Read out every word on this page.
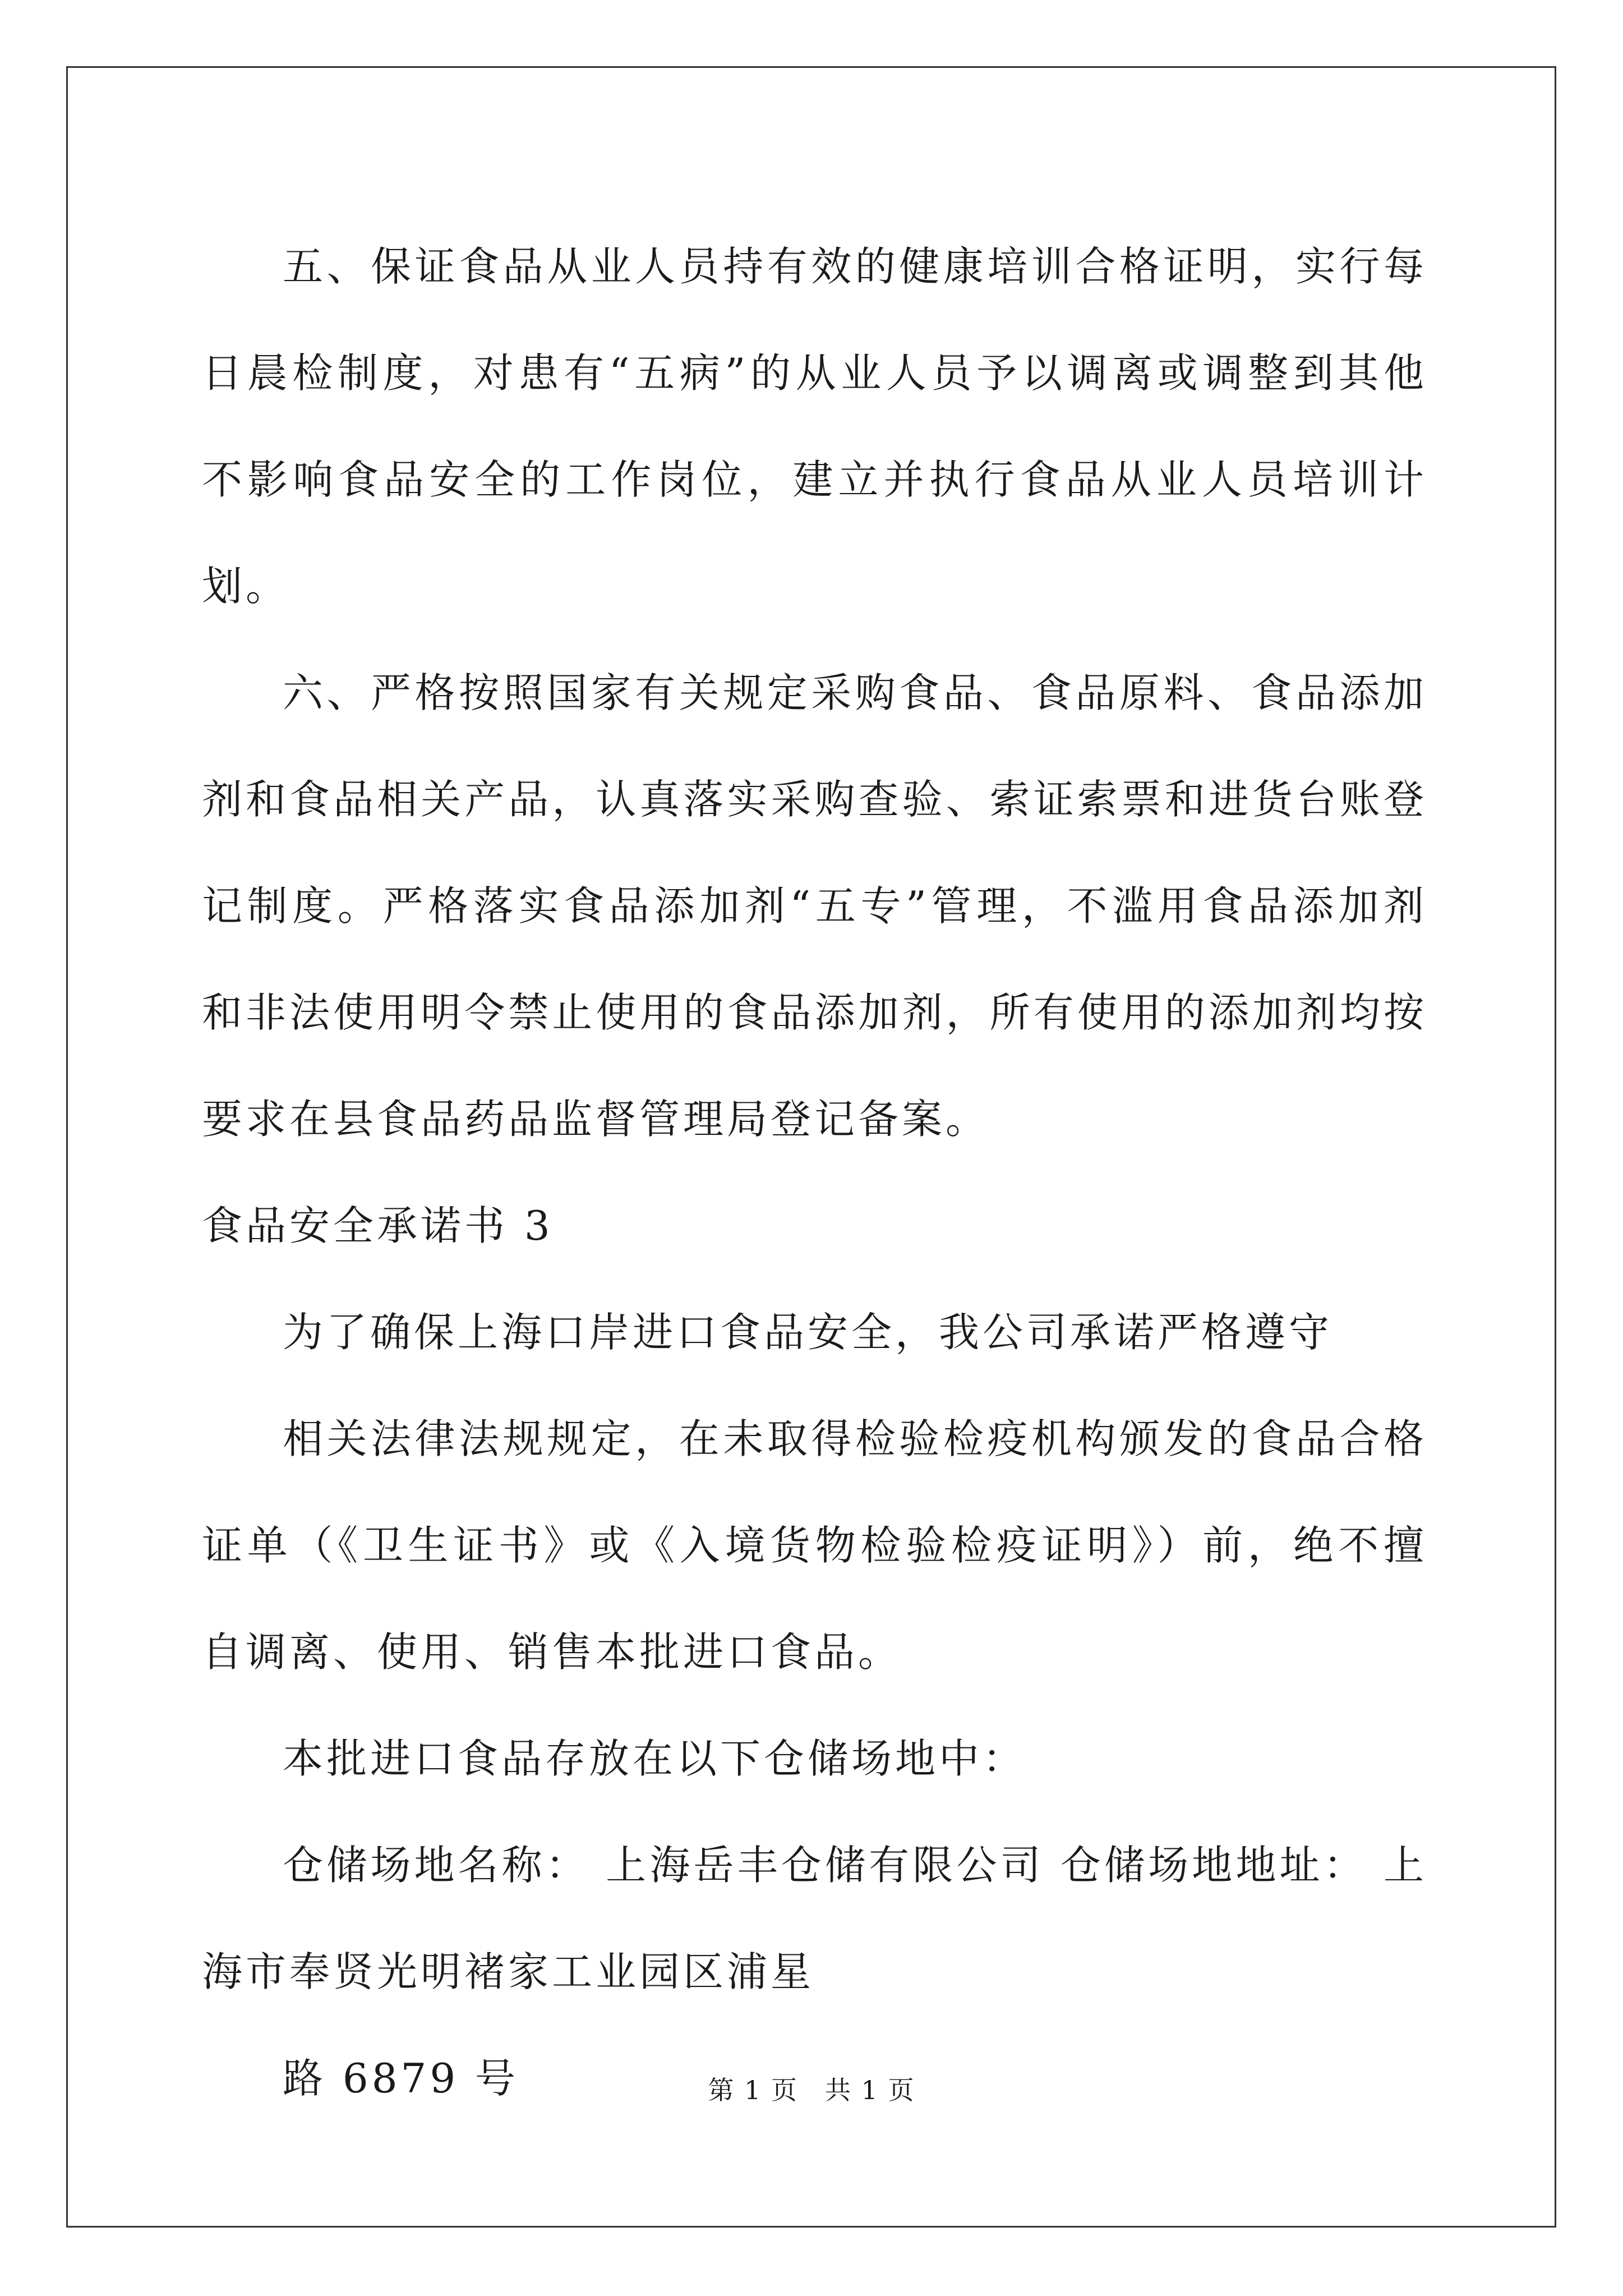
五、保证食品从业人员持有效的健康培训合格证明，实行每日晨检制度，对患有“五病”的从业人员予以调离或调整到其他不影响食品安全的工作岗位，建立并执行食品从业人员培训计划。

六、严格按照国家有关规定采购食品、食品原料、食品添加剂和食品相关产品，认真落实采购查验、索证索票和进货台账登记制度。严格落实食品添加剂“五专”管理，不滥用食品添加剂和非法使用明令禁止使用的食品添加剂，所有使用的添加剂均按要求在县食品药品监督管理局登记备案。

食品安全承诺书 3

为了确保上海口岸进口食品安全，我公司承诺严格遵守

相关法律法规规定，在未取得检验检疫机构颁发的食品合格证单（《卫生证书》或《入境货物检验检疫证明》）前，绝不擅自调离、使用、销售本批进口食品。

本批进口食品存放在以下仓储场地中：

仓储场地名称： 上海岳丰仓储有限公司 仓储场地地址： 上海市奉贤光明褚家工业园区浦星

路 6879 号	第 1 页　共 1 页
